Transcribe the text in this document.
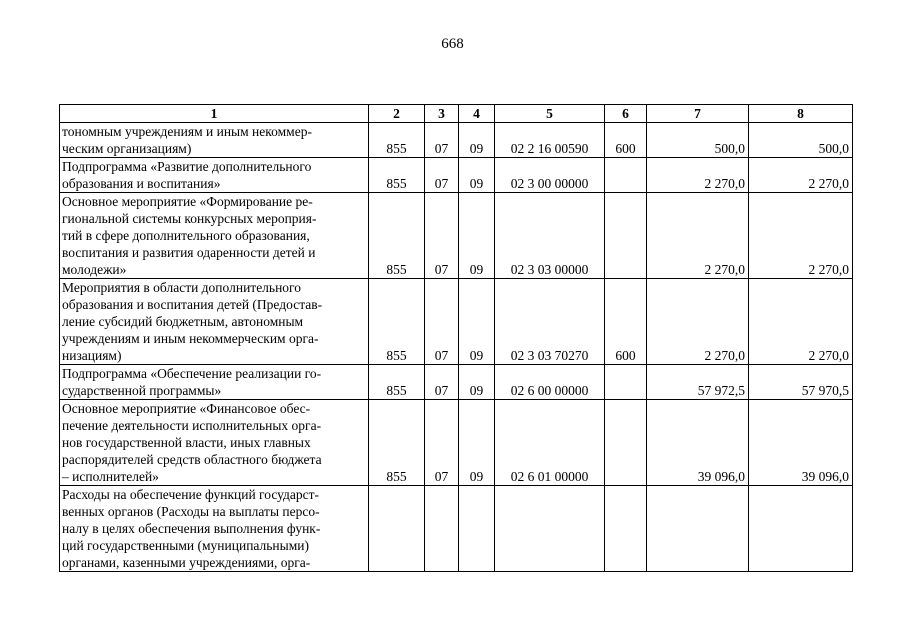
668
1	2	3	4	5	6	7	8

тономным учреждениям и иным некоммер-
ческим организациям)	855	07	09	02 2 16 00590	600	500,0	500,0

Подпрограмма «Развитие дополнительного
образования и воспитания»	855	07	09	02 3 00 00000		2 270,0	2 270,0

Основное мероприятие «Формирование ре-
гиональной системы конкурсных мероприя-
тий в сфере дополнительного образования,
воспитания и развития одаренности детей и
молодежи»	855	07	09	02 3 03 00000		2 270,0	2 270,0

Мероприятия в области дополнительного
образования и воспитания детей (Предостав-
ление субсидий бюджетным, автономным
учреждениям и иным некоммерческим орга-
низациям)	855	07	09	02 3 03 70270	600	2 270,0	2 270,0

Подпрограмма «Обеспечение реализации го-
сударственной программы»	855	07	09	02 6 00 00000		57 972,5	57 970,5

Основное мероприятие «Финансовое обес-
печение деятельности исполнительных орга-
нов государственной власти, иных главных
распорядителей средств областного бюджета
– исполнителей»	855	07	09	02 6 01 00000		39 096,0	39 096,0

Расходы на обеспечение функций государст-
венных органов (Расходы на выплаты персо-
налу в целях обеспечения выполнения функ-
ций государственными (муниципальными)
органами, казенными учреждениями, орга-							
